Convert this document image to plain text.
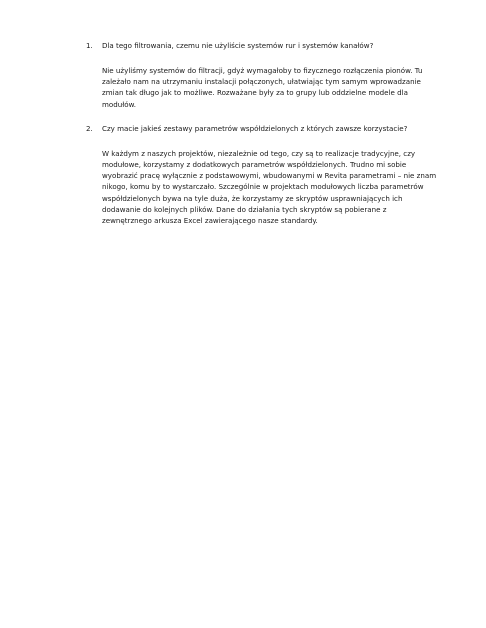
1. Dla tego filtrowania, czemu nie użyliście systemów rur i systemów kanałów?
Nie użyliśmy systemów do filtracji, gdyż wymagałoby to fizycznego rozłączenia pionów. Tu
zależało nam na utrzymaniu instalacji połączonych, ułatwiając tym samym wprowadzanie
zmian tak długo jak to możliwe. Rozważane były za to grupy lub oddzielne modele dla
modułów.
2. Czy macie jakieś zestawy parametrów współdzielonych z których zawsze korzystacie?
W każdym z naszych projektów, niezależnie od tego, czy są to realizacje tradycyjne, czy
modułowe, korzystamy z dodatkowych parametrów współdzielonych. Trudno mi sobie
wyobrazić pracę wyłącznie z podstawowymi, wbudowanymi w Revita parametrami – nie znam
nikogo, komu by to wystarczało. Szczególnie w projektach modułowych liczba parametrów
współdzielonych bywa na tyle duża, że korzystamy ze skryptów usprawniających ich
dodawanie do kolejnych plików. Dane do działania tych skryptów są pobierane z
zewnętrznego arkusza Excel zawierającego nasze standardy.
